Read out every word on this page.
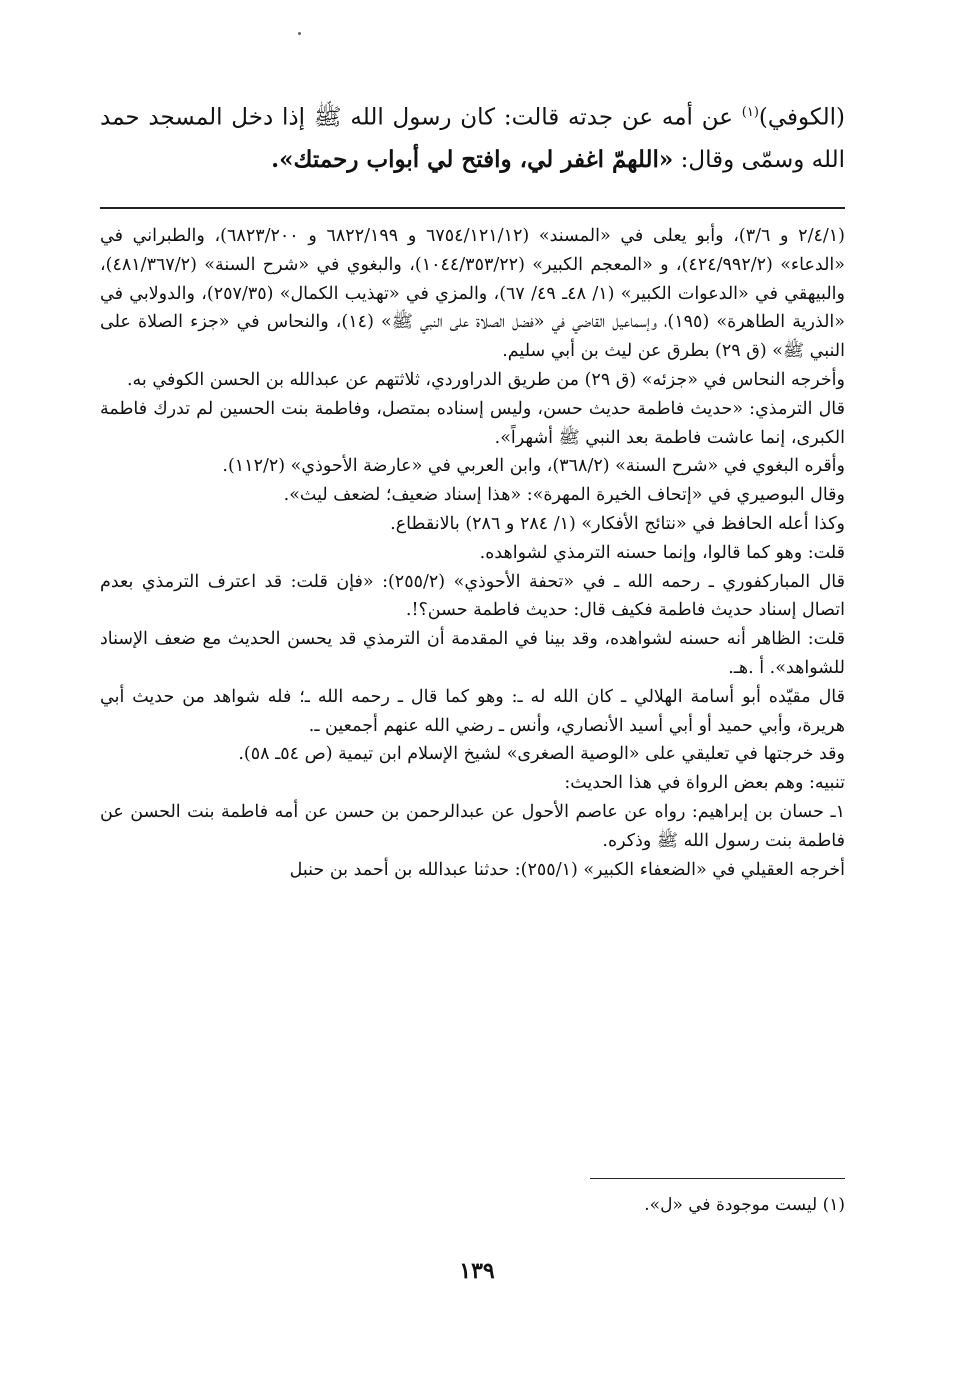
(الكوفي)$^{(١)}$ عن أمه عن جدته قالت: كان رسول الله ﷺ إذا دخل المسجد حمد الله وسمّى وقال: «اللهمّ اغفر لي، وافتح لي أبواب رحمتك».

(٢/٤/١ و ٣/٦)، وأبو يعلى في «المسند» (٦٧٥٤/١٢١/١٢ و ٦٨٢٢/١٩٩ و ٦٨٢٣/٢٠٠)، والطبراني في «الدعاء» (٤٢٤/٩٩٢/٢)، و «المعجم الكبير» (١٠٤٤/٣٥٣/٢٢)، والبغوي في «شرح السنة» (٤٨١/٣٦٧/٢)، والبيهقي في «الدعوات الكبير» (١/ ٤٨ـ ٤٩/ ٦٧)، والمزي في «تهذيب الكمال» (٢٥٧/٣٥)، والدولابي في «الذرية الطاهرة» (١٩٥)، وإسماعيل القاضي في «فضل الصلاة على النبي ﷺ» (١٤)، والنحاس في «جزء الصلاة على النبي ﷺ» (ق ٢٩) بطرق عن ليث بن أبي سليم.

وأخرجه النحاس في «جزئه» (ق ٢٩) من طريق الدراوردي، ثلاثتهم عن عبدالله بن الحسن الكوفي به.

قال الترمذي: «حديث فاطمة حديث حسن، وليس إسناده بمتصل، وفاطمة بنت الحسين لم تدرك فاطمة الكبرى، إنما عاشت فاطمة بعد النبي ﷺ أشهراً».

وأقره البغوي في «شرح السنة» (٣٦٨/٢)، وابن العربي في «عارضة الأحوذي» (١١٢/٢).

وقال البوصيري في «إتحاف الخيرة المهرة»: «هذا إسناد ضعيف؛ لضعف ليث».

وكذا أعله الحافظ في «نتائج الأفكار» (١/ ٢٨٤ و ٢٨٦) بالانقطاع.

قلت: وهو كما قالوا، وإنما حسنه الترمذي لشواهده.

قال المباركفوري ـ رحمه الله ـ في «تحفة الأحوذي» (٢٥٥/٢): «فإن قلت: قد اعترف الترمذي بعدم اتصال إسناد حديث فاطمة فكيف قال: حديث فاطمة حسن؟!.

قلت: الظاهر أنه حسنه لشواهده، وقد بينا في المقدمة أن الترمذي قد يحسن الحديث مع ضعف الإسناد للشواهد». أ .هـ.

قال مقيّده أبو أسامة الهلالي ـ كان الله له ـ: وهو كما قال ـ رحمه الله ـ؛ فله شواهد من حديث أبي هريرة، وأبي حميد أو أبي أسيد الأنصاري، وأنس ـ رضي الله عنهم أجمعين ـ.

وقد خرجتها في تعليقي على «الوصية الصغرى» لشيخ الإسلام ابن تيمية (ص ٥٤ـ ٥٨).

تنبيه: وهم بعض الرواة في هذا الحديث:

١ـ حسان بن إبراهيم: رواه عن عاصم الأحول عن عبدالرحمن بن حسن عن أمه فاطمة بنت الحسن عن فاطمة بنت رسول الله ﷺ وذكره.

أخرجه العقيلي في «الضعفاء الكبير» (٢٥٥/١): حدثنا عبدالله بن أحمد بن حنبل

(١) ليست موجودة في «ل».
١٣٩
